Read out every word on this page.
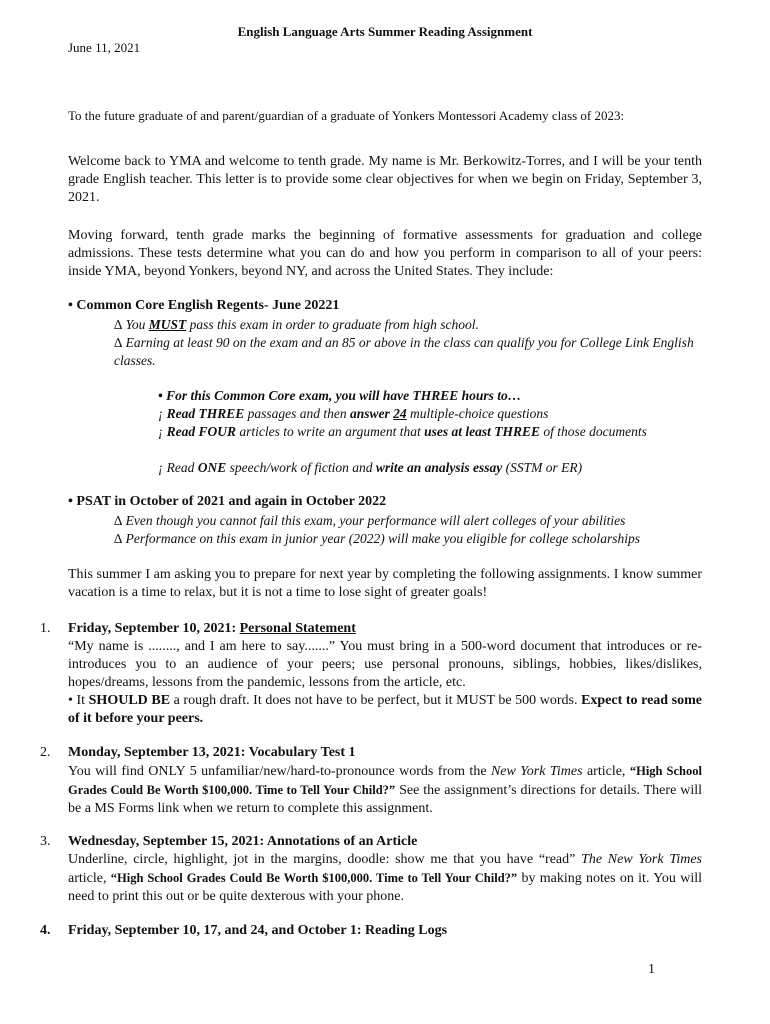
English Language Arts Summer Reading Assignment
June 11, 2021
To the future graduate of and parent/guardian of a graduate of Yonkers Montessori Academy class of 2023:
Welcome back to YMA and welcome to tenth grade. My name is Mr. Berkowitz-Torres, and I will be your tenth grade English teacher. This letter is to provide some clear objectives for when we begin on Friday, September 3, 2021.
Moving forward, tenth grade marks the beginning of formative assessments for graduation and college admissions. These tests determine what you can do and how you perform in comparison to all of your peers: inside YMA, beyond Yonkers, beyond NY, and across the United States. They include:
• Common Core English Regents- June 20221
∆ You MUST pass this exam in order to graduate from high school.
∆ Earning at least 90 on the exam and an 85 or above in the class can qualify you for College Link English classes.
• For this Common Core exam, you will have THREE hours to…
¡ Read THREE passages and then answer 24 multiple-choice questions
¡ Read FOUR articles to write an argument that uses at least THREE of those documents
¡ Read ONE speech/work of fiction and write an analysis essay (SSTM or ER)
• PSAT in October of 2021 and again in October 2022
∆ Even though you cannot fail this exam, your performance will alert colleges of your abilities
∆ Performance on this exam in junior year (2022) will make you eligible for college scholarships
This summer I am asking you to prepare for next year by completing the following assignments. I know summer vacation is a time to relax, but it is not a time to lose sight of greater goals!
1.	Friday, September 10, 2021: Personal Statement
“My name is ........, and I am here to say.......” You must bring in a 500-word document that introduces or re-introduces you to an audience of your peers; use personal pronouns, siblings, hobbies, likes/dislikes, hopes/dreams, lessons from the pandemic, lessons from the article, etc.
• It SHOULD BE a rough draft. It does not have to be perfect, but it MUST be 500 words. Expect to read some of it before your peers.
2.	Monday, September 13, 2021: Vocabulary Test 1
You will find ONLY 5 unfamiliar/new/hard-to-pronounce words from the New York Times article, “High School Grades Could Be Worth $100,000. Time to Tell Your Child?” See the assignment’s directions for details. There will be a MS Forms link when we return to complete this assignment.
3.	Wednesday, September 15, 2021: Annotations of an Article
Underline, circle, highlight, jot in the margins, doodle: show me that you have “read” The New York Times article, “High School Grades Could Be Worth $100,000. Time to Tell Your Child?” by making notes on it. You will need to print this out or be quite dexterous with your phone.
4.	Friday, September 10, 17, and 24, and October 1: Reading Logs
1
